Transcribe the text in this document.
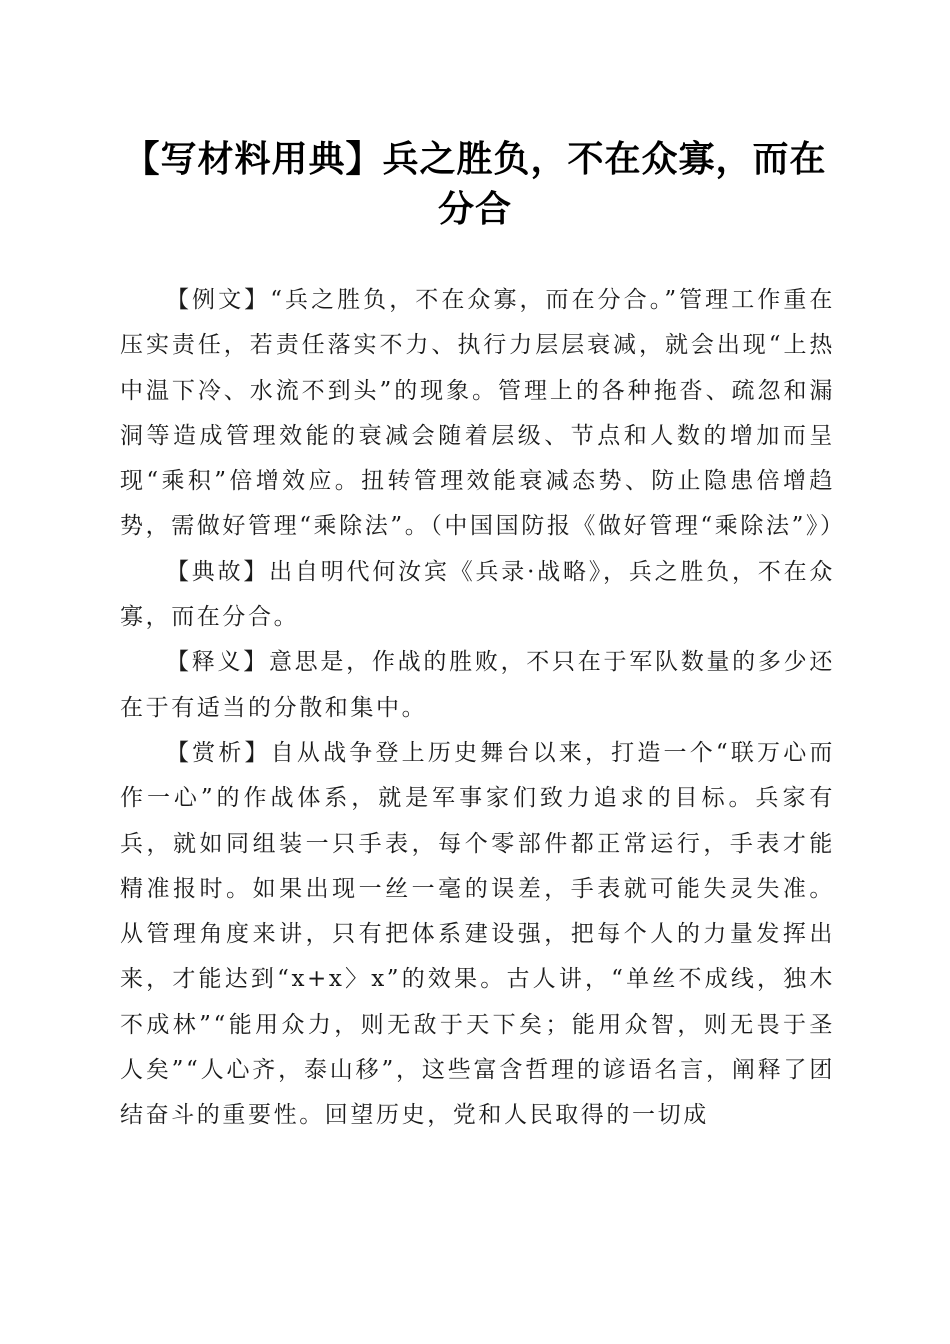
【写材料用典】兵之胜负，不在众寡，而在分合

【例文】“兵之胜负，不在众寡，而在分合。”管理工作重在压实责任，若责任落实不力、执行力层层衰减，就会出现“上热中温下冷、水流不到头”的现象。管理上的各种拖沓、疏忽和漏洞等造成管理效能的衰减会随着层级、节点和人数的增加而呈现“乘积”倍增效应。扭转管理效能衰减态势、防止隐患倍增趋势，需做好管理“乘除法”。（中国国防报《做好管理“乘除法”》）

【典故】出自明代何汝宾《兵录·战略》，兵之胜负，不在众寡，而在分合。

【释义】意思是，作战的胜败，不只在于军队数量的多少还在于有适当的分散和集中。

【赏析】自从战争登上历史舞台以来，打造一个“联万心而作一心”的作战体系，就是军事家们致力追求的目标。兵家有兵，就如同组装一只手表，每个零部件都正常运行，手表才能精准报时。如果出现一丝一毫的误差，手表就可能失灵失准。从管理角度来讲，只有把体系建设强，把每个人的力量发挥出来，才能达到“x+x〉x”的效果。古人讲，“单丝不成线，独木不成林”“能用众力，则无敌于天下矣；能用众智，则无畏于圣人矣”“人心齐，泰山移”，这些富含哲理的谚语名言，阐释了团结奋斗的重要性。回望历史，党和人民取得的一切成
